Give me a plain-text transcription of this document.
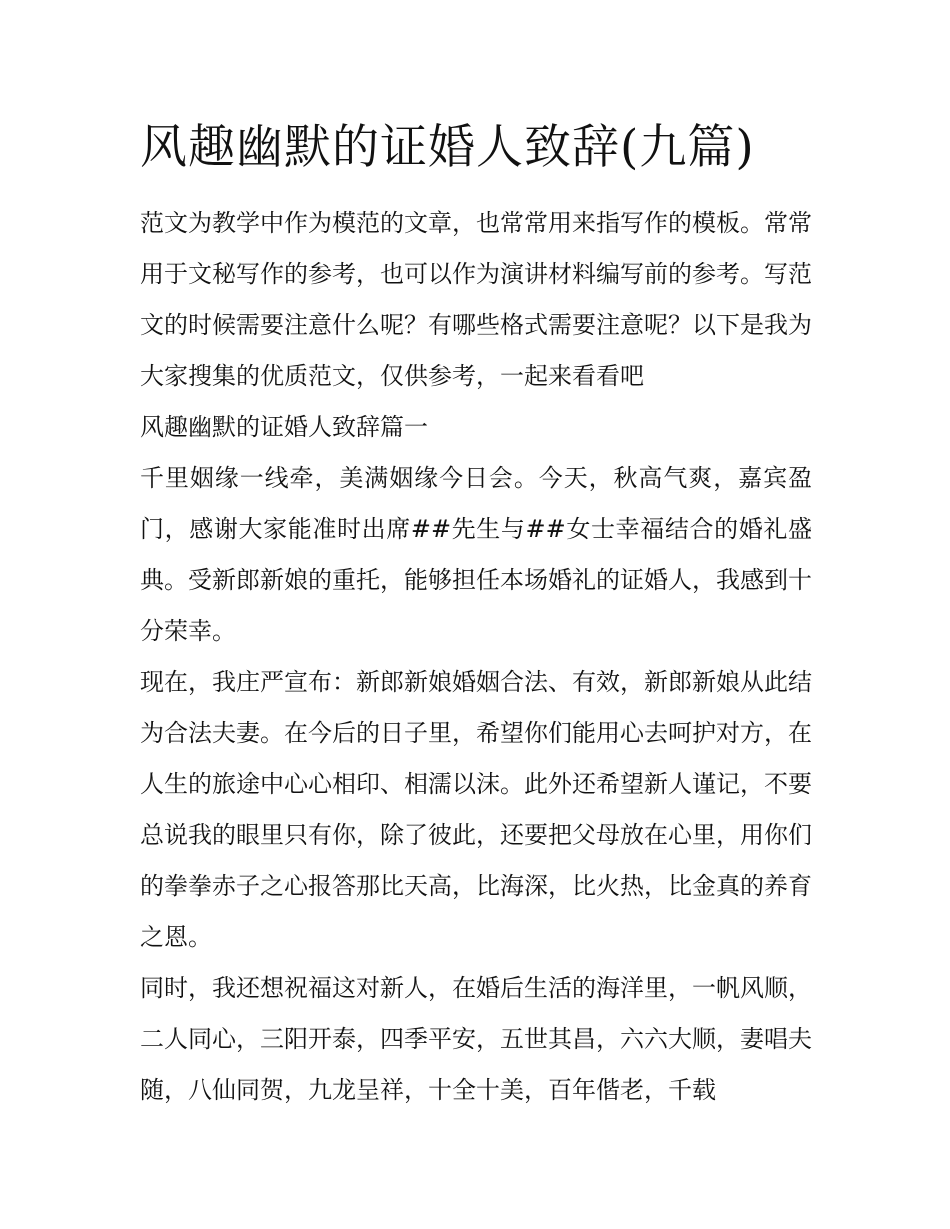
风趣幽默的证婚人致辞(九篇)

范文为教学中作为模范的文章，也常常用来指写作的模板。常常用于文秘写作的参考，也可以作为演讲材料编写前的参考。写范文的时候需要注意什么呢？有哪些格式需要注意呢？以下是我为大家搜集的优质范文，仅供参考，一起来看看吧

风趣幽默的证婚人致辞篇一

千里姻缘一线牵，美满姻缘今日会。今天，秋高气爽，嘉宾盈门，感谢大家能准时出席##先生与##女士幸福结合的婚礼盛典。受新郎新娘的重托，能够担任本场婚礼的证婚人，我感到十分荣幸。

现在，我庄严宣布：新郎新娘婚姻合法、有效，新郎新娘从此结为合法夫妻。在今后的日子里，希望你们能用心去呵护对方，在人生的旅途中心心相印、相濡以沫。此外还希望新人谨记，不要总说我的眼里只有你，除了彼此，还要把父母放在心里，用你们的拳拳赤子之心报答那比天高，比海深，比火热，比金真的养育之恩。

同时，我还想祝福这对新人，在婚后生活的海洋里，一帆风顺，二人同心，三阳开泰，四季平安，五世其昌，六六大顺，妻唱夫随，八仙同贺，九龙呈祥，十全十美，百年偕老，千载
